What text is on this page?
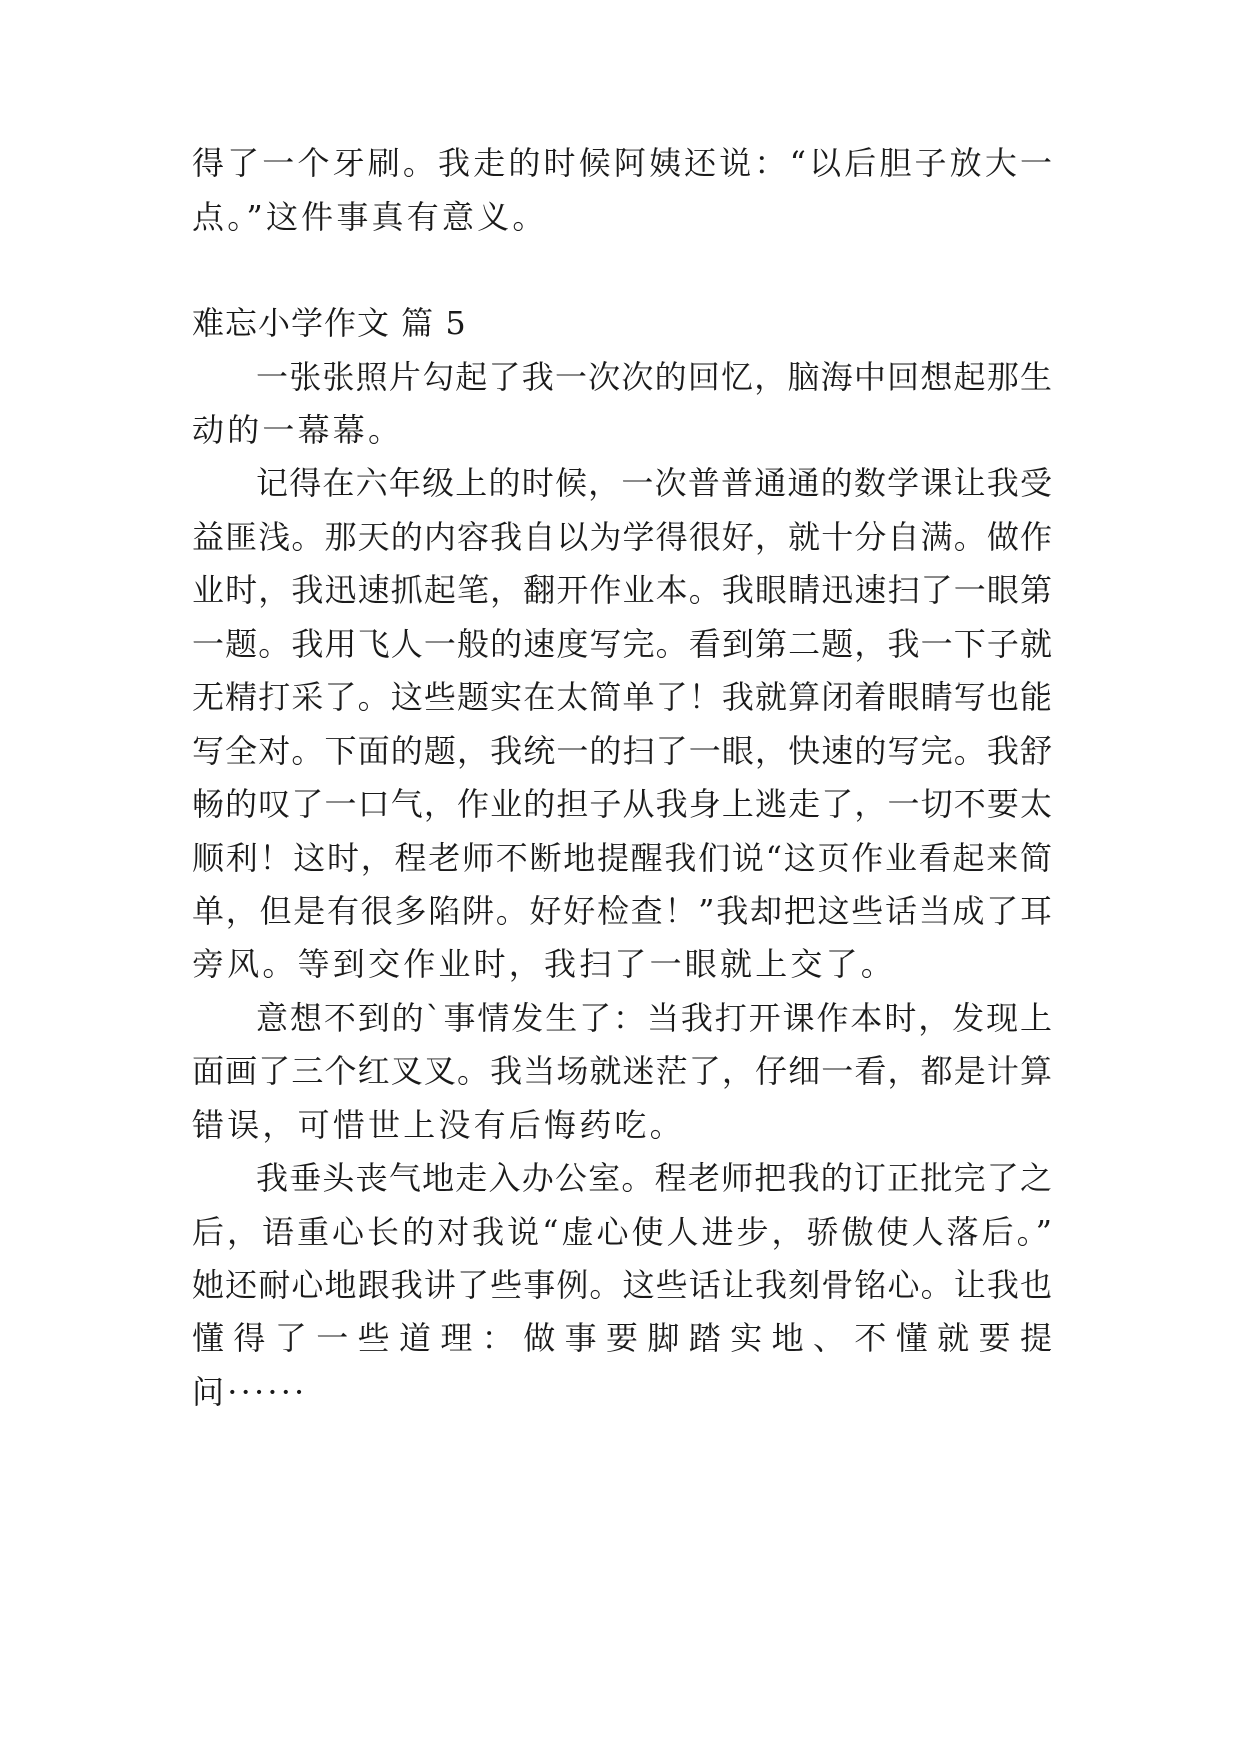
得了一个牙刷。我走的时候阿姨还说：“以后胆子放大一
点。”这件事真有意义。
难忘小学作文 篇 5
一张张照片勾起了我一次次的回忆，脑海中回想起那生
动的一幕幕。
记得在六年级上的时候，一次普普通通的数学课让我受
益匪浅。那天的内容我自以为学得很好，就十分自满。做作
业时，我迅速抓起笔，翻开作业本。我眼睛迅速扫了一眼第
一题。我用飞人一般的速度写完。看到第二题，我一下子就
无精打采了。这些题实在太简单了！我就算闭着眼睛写也能
写全对。下面的题，我统一的扫了一眼，快速的写完。我舒
畅的叹了一口气，作业的担子从我身上逃走了，一切不要太
顺利！这时，程老师不断地提醒我们说“这页作业看起来简
单，但是有很多陷阱。好好检查！”我却把这些话当成了耳
旁风。等到交作业时，我扫了一眼就上交了。
意想不到的`事情发生了：当我打开课作本时，发现上
面画了三个红叉叉。我当场就迷茫了，仔细一看，都是计算
错误，可惜世上没有后悔药吃。
我垂头丧气地走入办公室。程老师把我的订正批完了之
后，语重心长的对我说“虚心使人进步，骄傲使人落后。”
她还耐心地跟我讲了些事例。这些话让我刻骨铭心。让我也
懂得了一些道理：做事要脚踏实地、不懂就要提
问······
